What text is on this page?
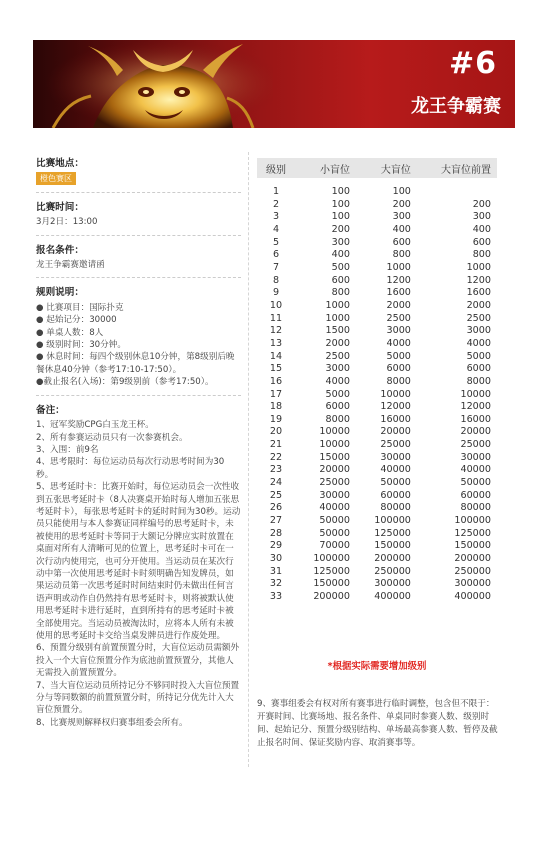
#6
龙王争霸赛
比赛地点：
橙色赛区
比赛时间：
3月2日：13:00
报名条件：
龙王争霸赛邀请函
规则说明：
● 比赛项目：国际扑克
● 起始记分：30000
● 单桌人数：8人
● 级别时间：30分钟。
● 休息时间：每四个级别休息10分钟，第8级别后晚餐休息40分钟（参考17:10-17:50）。
●截止报名(入场)：第9级别前（参考17:50）。
备注：
1、冠军奖励CPG白玉龙王杯。
2、所有参赛运动员只有一次参赛机会。
3、入围：前9名
4、思考限时：每位运动员每次行动思考时间为30秒。
5、思考延时卡：比赛开始时，每位运动员会一次性收到五张思考延时卡（8人决赛桌开始时每人增加五张思考延时卡），每张思考延时卡的延时时间为30秒。运动员只能使用与本人参赛证同样编号的思考延时卡，未被使用的思考延时卡等同于大额记分牌应实时放置在桌面对所有人清晰可见的位置上，思考延时卡可在一次行动内使用完，也可分开使用。当运动员在某次行动中第一次使用思考延时卡时须明确告知发牌员，如果运动员第一次思考延时时间结束时仍未做出任何言语声明或动作自仍然持有思考延时卡，则将被默认使用思考延时卡进行延时，直到所持有的思考延时卡被全部使用完。当运动员被淘汰时，应将本人所有未被使用的思考延时卡交给当桌发牌员进行作废处理。
6、预置分级别有前置预置分时，大盲位运动员需额外投入一个大盲位预置分作为底池前置预置分，其他人无需投入前置预置分。
7、当大盲位运动员所持记分不够同时投入大盲位预置分与等同数额的前置预置分时，所持记分优先计入大盲位预置分。
8、比赛规则解释权归赛事组委会所有。
级别	小盲位	大盲位	大盲位前置
1	100	100	
2	100	200	200
3	100	300	300
4	200	400	400
5	300	600	600
6	400	800	800
7	500	1000	1000
8	600	1200	1200
9	800	1600	1600
10	1000	2000	2000
11	1000	2500	2500
12	1500	3000	3000
13	2000	4000	4000
14	2500	5000	5000
15	3000	6000	6000
16	4000	8000	8000
17	5000	10000	10000
18	6000	12000	12000
19	8000	16000	16000
20	10000	20000	20000
21	10000	25000	25000
22	15000	30000	30000
23	20000	40000	40000
24	25000	50000	50000
25	30000	60000	60000
26	40000	80000	80000
27	50000	100000	100000
28	50000	125000	125000
29	70000	150000	150000
30	100000	200000	200000
31	125000	250000	250000
32	150000	300000	300000
33	200000	400000	400000
*根据实际需要增加级别
9、赛事组委会有权对所有赛事进行临时调整，包含但不限于：开赛时间、比赛场地、报名条件、单桌同时参赛人数、级别时间、起始记分、预置分级别结构、单场最高参赛人数、暂停及截止报名时间、保证奖励内容、取消赛事等。
